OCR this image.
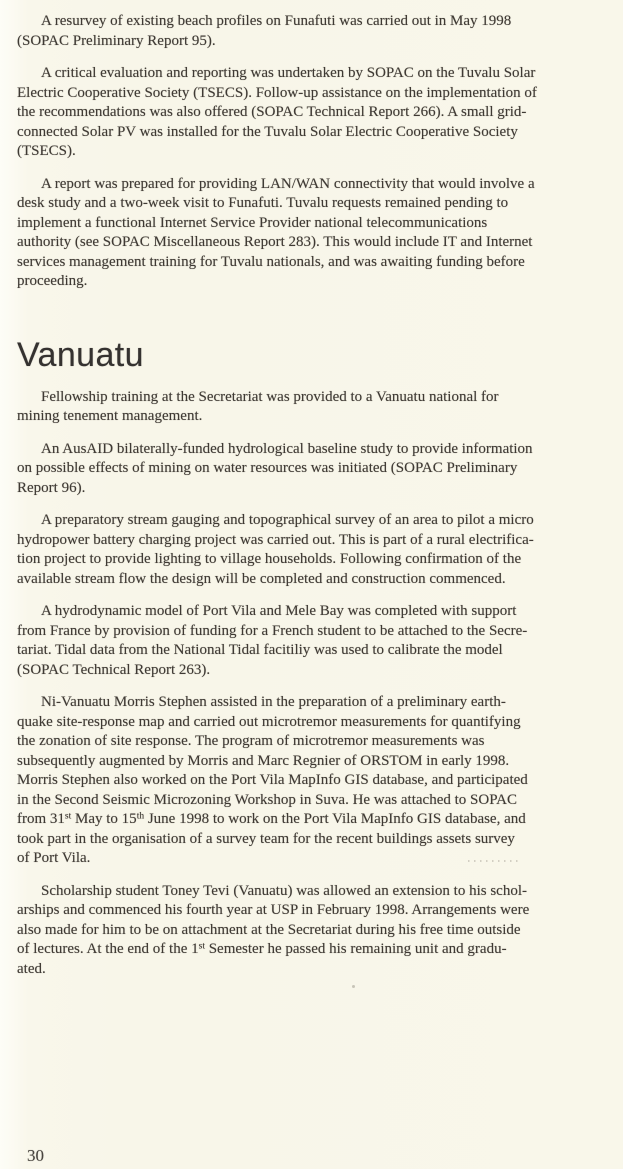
A resurvey of existing beach profiles on Funafuti was carried out in May 1998
(SOPAC Preliminary Report 95).

A critical evaluation and reporting was undertaken by SOPAC on the Tuvalu Solar
Electric Cooperative Society (TSECS). Follow-up assistance on the implementation of
the recommendations was also offered (SOPAC Technical Report 266). A small grid-
connected Solar PV was installed for the Tuvalu Solar Electric Cooperative Society
(TSECS).

A report was prepared for providing LAN/WAN connectivity that would involve a
desk study and a two-week visit to Funafuti. Tuvalu requests remained pending to
implement a functional Internet Service Provider national telecommunications
authority (see SOPAC Miscellaneous Report 283). This would include IT and Internet
services management training for Tuvalu nationals, and was awaiting funding before
proceeding.

Vanuatu

Fellowship training at the Secretariat was provided to a Vanuatu national for
mining tenement management.

An AusAID bilaterally-funded hydrological baseline study to provide information
on possible effects of mining on water resources was initiated (SOPAC Preliminary
Report 96).

A preparatory stream gauging and topographical survey of an area to pilot a micro
hydropower battery charging project was carried out. This is part of a rural electrifica-
tion project to provide lighting to village households. Following confirmation of the
available stream flow the design will be completed and construction commenced.

A hydrodynamic model of Port Vila and Mele Bay was completed with support
from France by provision of funding for a French student to be attached to the Secre-
tariat. Tidal data from the National Tidal facitiliy was used to calibrate the model
(SOPAC Technical Report 263).

Ni-Vanuatu Morris Stephen assisted in the preparation of a preliminary earth-
quake site-response map and carried out microtremor measurements for quantifying
the zonation of site response. The program of microtremor measurements was
subsequently augmented by Morris and Marc Regnier of ORSTOM in early 1998.
Morris Stephen also worked on the Port Vila MapInfo GIS database, and participated
in the Second Seismic Microzoning Workshop in Suva. He was attached to SOPAC
from 31st May to 15th June 1998 to work on the Port Vila MapInfo GIS database, and
took part in the organisation of a survey team for the recent buildings assets survey
of Port Vila.

Scholarship student Toney Tevi (Vanuatu) was allowed an extension to his schol-
arships and commenced his fourth year at USP in February 1998. Arrangements were
also made for him to be on attachment at the Secretariat during his free time outside
of lectures. At the end of the 1st Semester he passed his remaining unit and gradu-
ated.

30
